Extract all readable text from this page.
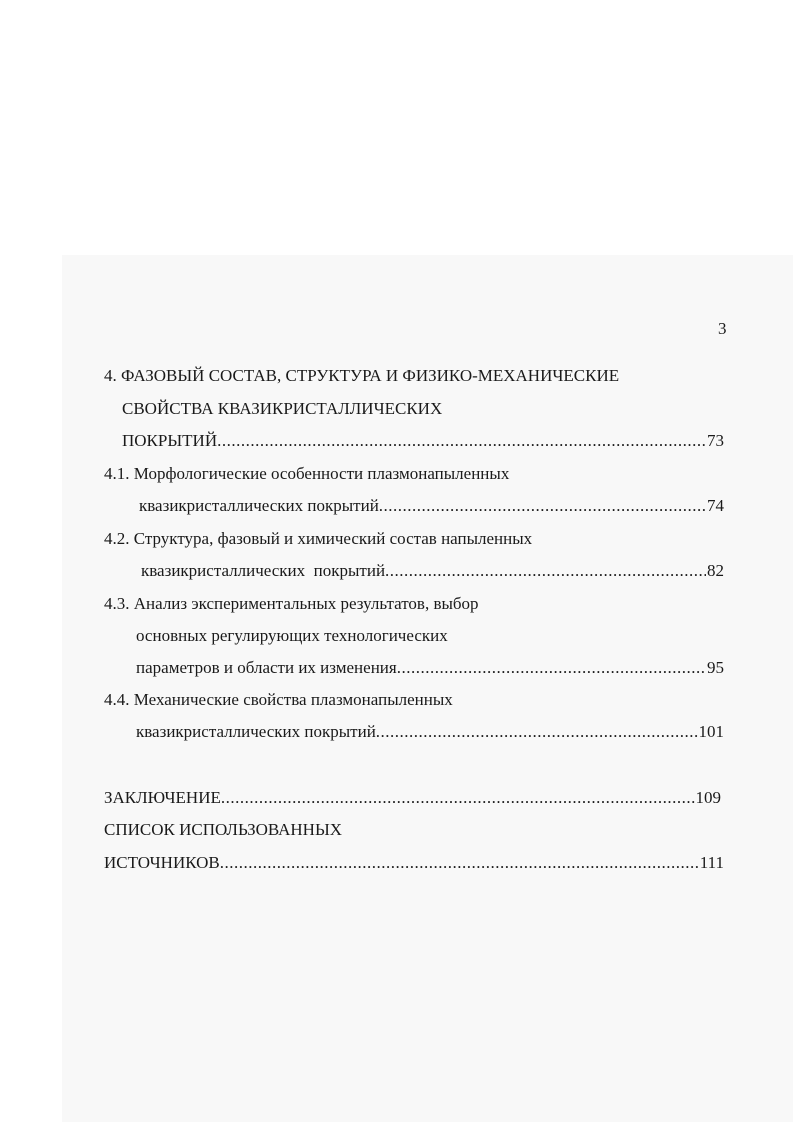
3
4. ФАЗОВЫЙ СОСТАВ, СТРУКТУРА И ФИЗИКО-МЕХАНИЧЕСКИЕ
СВОЙСТВА КВАЗИКРИСТАЛЛИЧЕСКИХ
ПОКРЫТИЙ .....	73
4.1. Морфологические особенности плазмонапыленных
квазикристаллических покрытий .....	74
4.2. Структура, фазовый и химический состав напыленных
квазикристаллических  покрытий .....	82
4.3. Анализ экспериментальных результатов, выбор
основных регулирующих технологических
параметров и области их изменения .....	95
4.4. Механические свойства плазмонапыленных
квазикристаллических покрытий .....	101
ЗАКЛЮЧЕНИЕ .....	109
СПИСОК ИСПОЛЬЗОВАННЫХ
ИСТОЧНИКОВ .....	111
